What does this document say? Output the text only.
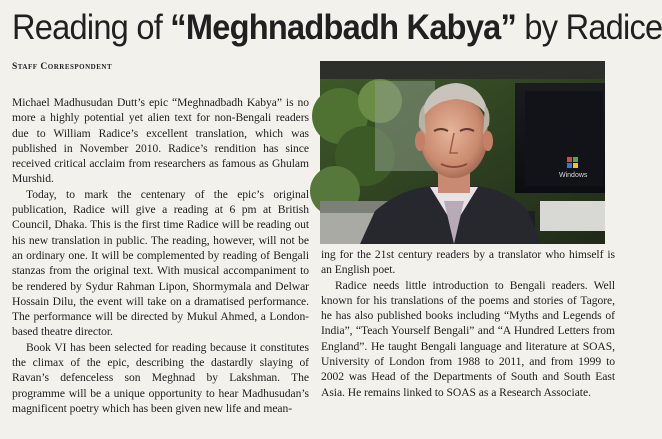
Reading of “Meghnadbadh Kabya” by Radice
Staff Correspondent

Michael Madhusudan Dutt’s epic “Meghnadbadh Kabya” is no more a highly potential yet alien text for non-Bengali readers due to William Radice’s excellent translation, which was published in November 2010. Radice’s rendition has since received critical acclaim from researchers as famous as Ghulam Murshid.

Today, to mark the centenary of the epic’s original publication, Radice will give a reading at 6 pm at British Council, Dhaka. This is the first time Radice will be reading out his new translation in public. The reading, however, will not be an ordinary one. It will be complemented by reading of Bengali stanzas from the original text. With musical accompaniment to be rendered by Sydur Rahman Lipon, Shormymala and Delwar Hossain Dilu, the event will take on a dramatised performance. The performance will be directed by Mukul Ahmed, a London-based theatre director.

Book VI has been selected for reading because it constitutes the climax of the epic, describing the dastardly slaying of Ravan’s defenceless son Meghnad by Lakshman. The programme will be a unique opportunity to hear Madhusudan’s magnificent poetry which has been given new life and mean-

Windows

ing for the 21st century readers by a translator who himself is an English poet.

Radice needs little introduction to Bengali readers. Well known for his translations of the poems and stories of Tagore, he has also published books including “Myths and Legends of India”, “Teach Yourself Bengali” and “A Hundred Letters from England”. He taught Bengali language and literature at SOAS, University of London from 1988 to 2011, and from 1999 to 2002 was Head of the Departments of South and South East Asia. He remains linked to SOAS as a Research Associate.
